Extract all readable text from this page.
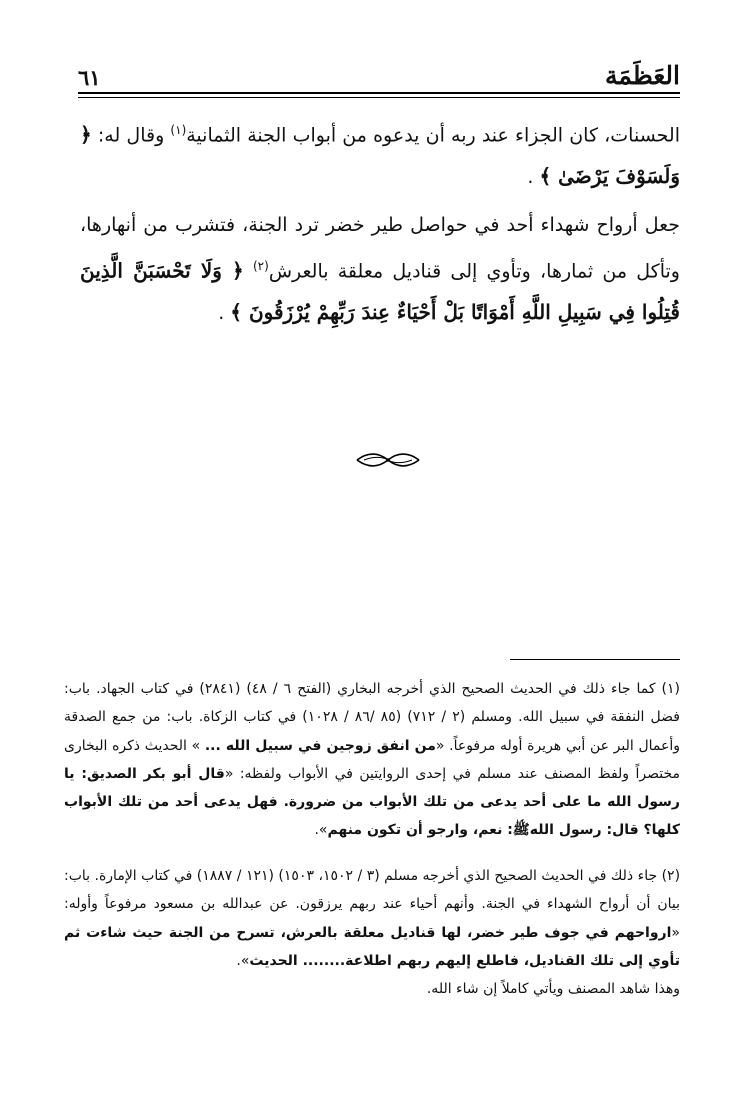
٦١	العَظَمَة

الحسنات، كان الجزاء عند ربه أن يدعوه من أبواب الجنة الثمانية$^{(١)}$ وقال له: ﴿ وَلَسَوْفَ يَرْضَىٰ ﴾ .

جعل أرواح شهداء أحد في حواصل طير خضر ترد الجنة، فتشرب من أنهارها، وتأكل من ثمارها، وتأوي إلى قناديل معلقة بالعرش$^{(٢)}$ ﴿ وَلَا تَحْسَبَنَّ الَّذِينَ قُتِلُوا فِي سَبِيلِ اللَّهِ أَمْوَاتًا بَلْ أَحْيَاءٌ عِندَ رَبِّهِمْ يُرْزَقُونَ ﴾ .

(١) كما جاء ذلك في الحديث الصحيح الذي أخرجه البخاري (الفتح ٦ / ٤٨) (٢٨٤١) في كتاب الجهاد. باب: فضل النفقة في سبيل الله. ومسلم (٢ / ٧١٢) (٨٥ /٨٦ / ١٠٢٨) في كتاب الزكاة. باب: من جمع الصدقة وأعمال البر عن أبي هريرة أوله مرفوعاً. «من انفق زوجين في سبيل الله ... » الحديث ذكره البخارى مختصراً ولفظ المصنف عند مسلم في إحدى الروايتين في الأبواب ولفظه: «قال أبو بكر الصديق: يا رسول الله ما على أحد يدعى من تلك الأبواب من ضرورة. فهل يدعى أحد من تلك الأبواب كلها؟ قال: رسول اللهﷺ: نعم، وارجو أن تكون منهم».

(٢) جاء ذلك في الحديث الصحيح الذي أخرجه مسلم (٣ / ١٥٠٢، ١٥٠٣) (١٢١ / ١٨٨٧) في كتاب الإمارة. باب: بيان أن أرواح الشهداء في الجنة. وأنهم أحياء عند ربهم يرزقون. عن عبدالله بن مسعود مرفوعاً وأوله: «ارواحهم في جوف طير خضر، لها قناديل معلقة بالعرش، تسرح من الجنة حيث شاءت ثم تأوي إلى تلك القناديل، فاطلع إليهم ربهم اطلاعة........ الحديث».
وهذا شاهد المصنف ويأتي كاملاً إن شاء الله.
